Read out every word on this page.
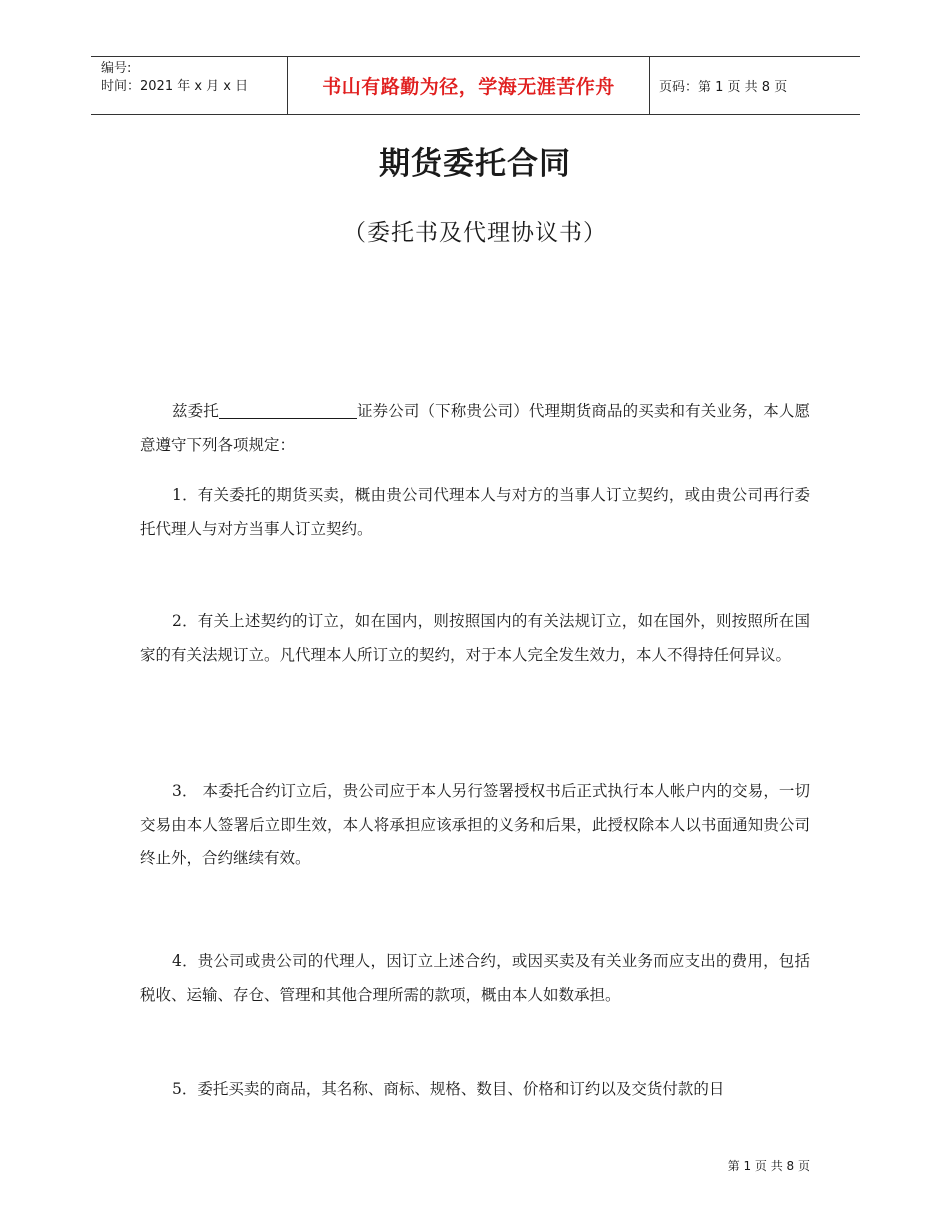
编号:
时间：2021 年 x 月 x 日	书山有路勤为径，学海无涯苦作舟	页码：第 1 页 共 8 页
期货委托合同
（委托书及代理协议书）

兹委托	证券公司（下称贵公司）代理期货商品的买卖和有关业务，本人愿意遵守下列各项规定：

1．有关委托的期货买卖，概由贵公司代理本人与对方的当事人订立契约，或由贵公司再行委托代理人与对方当事人订立契约。

2．有关上述契约的订立，如在国内，则按照国内的有关法规订立，如在国外，则按照所在国家的有关法规订立。凡代理本人所订立的契约，对于本人完全发生效力，本人不得持任何异议。

3． 本委托合约订立后，贵公司应于本人另行签署授权书后正式执行本人帐户内的交易，一切交易由本人签署后立即生效，本人将承担应该承担的义务和后果，此授权除本人以书面通知贵公司终止外，合约继续有效。

4．贵公司或贵公司的代理人，因订立上述合约，或因买卖及有关业务而应支出的费用，包括税收、运输、存仓、管理和其他合理所需的款项，概由本人如数承担。

5．委托买卖的商品，其名称、商标、规格、数目、价格和订约以及交货付款的日

第 1 页 共 8 页
